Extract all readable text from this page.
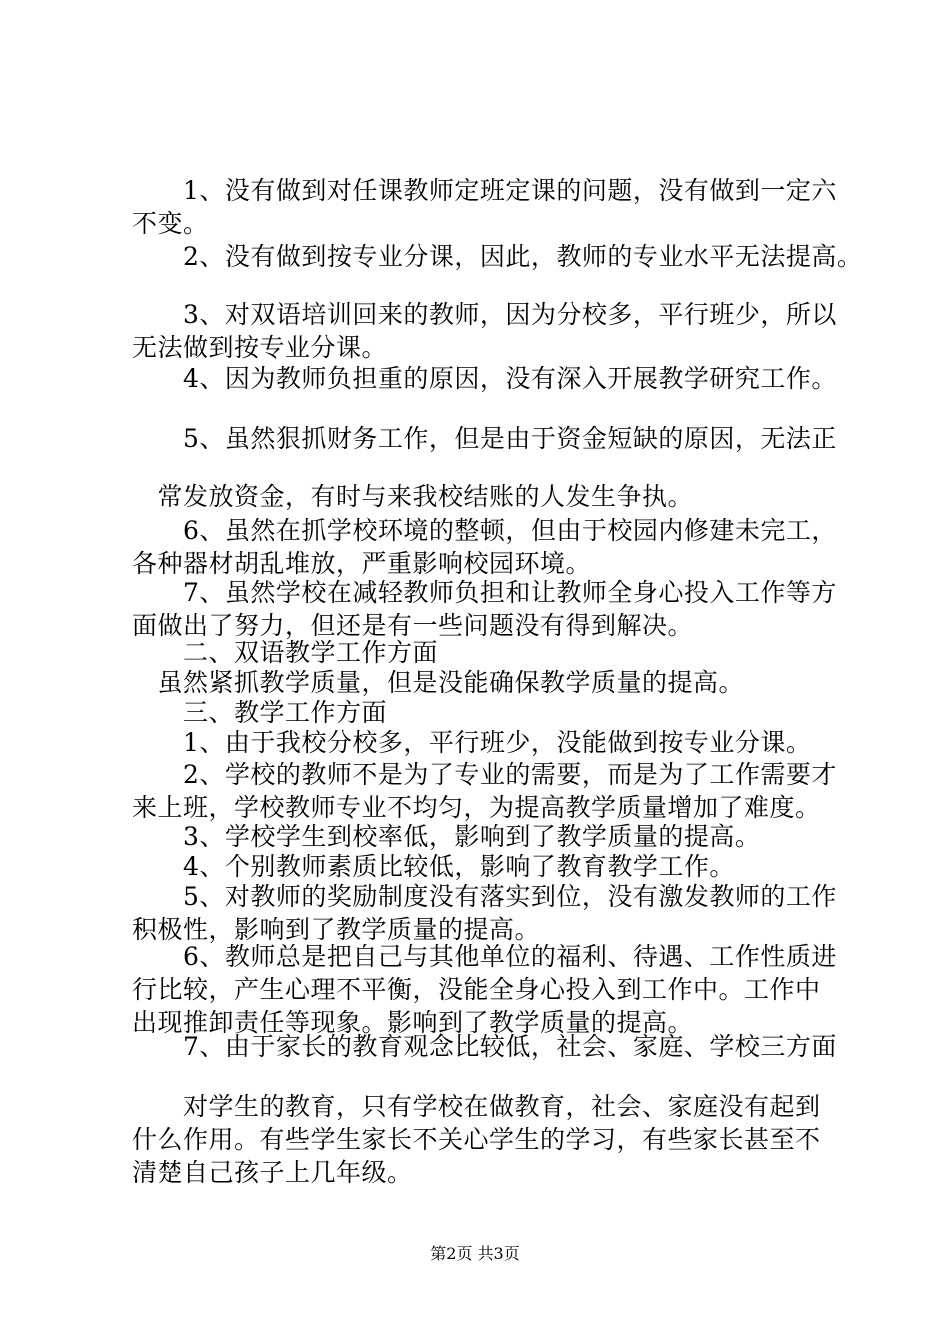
　　1、没有做到对任课教师定班定课的问题，没有做到一定六
不变。

　　2、没有做到按专业分课，因此，教师的专业水平无法提高。

　　3、对双语培训回来的教师，因为分校多，平行班少，所以
无法做到按专业分课。

　　4、因为教师负担重的原因，没有深入开展教学研究工作。

　　5、虽然狠抓财务工作，但是由于资金短缺的原因，无法正

　常发放资金，有时与来我校结账的人发生争执。

　　6、虽然在抓学校环境的整顿，但由于校园内修建未完工，
各种器材胡乱堆放，严重影响校园环境。

　　7、虽然学校在减轻教师负担和让教师全身心投入工作等方
面做出了努力，但还是有一些问题没有得到解决。

　　二、双语教学工作方面

　虽然紧抓教学质量，但是没能确保教学质量的提高。

　　三、教学工作方面

　　1、由于我校分校多，平行班少，没能做到按专业分课。

　　2、学校的教师不是为了专业的需要，而是为了工作需要才
来上班，学校教师专业不均匀，为提高教学质量增加了难度。

　　3、学校学生到校率低，影响到了教学质量的提高。

　　4、个别教师素质比较低，影响了教育教学工作。

　　5、对教师的奖励制度没有落实到位，没有激发教师的工作
积极性，影响到了教学质量的提高。

　　6、教师总是把自己与其他单位的福利、待遇、工作性质进
行比较，产生心理不平衡，没能全身心投入到工作中。工作中
出现推卸责任等现象。影响到了教学质量的提高。

　　7、由于家长的教育观念比较低，社会、家庭、学校三方面

　　对学生的教育，只有学校在做教育，社会、家庭没有起到
什么作用。有些学生家长不关心学生的学习，有些家长甚至不
清楚自己孩子上几年级。

第2页 共3页
